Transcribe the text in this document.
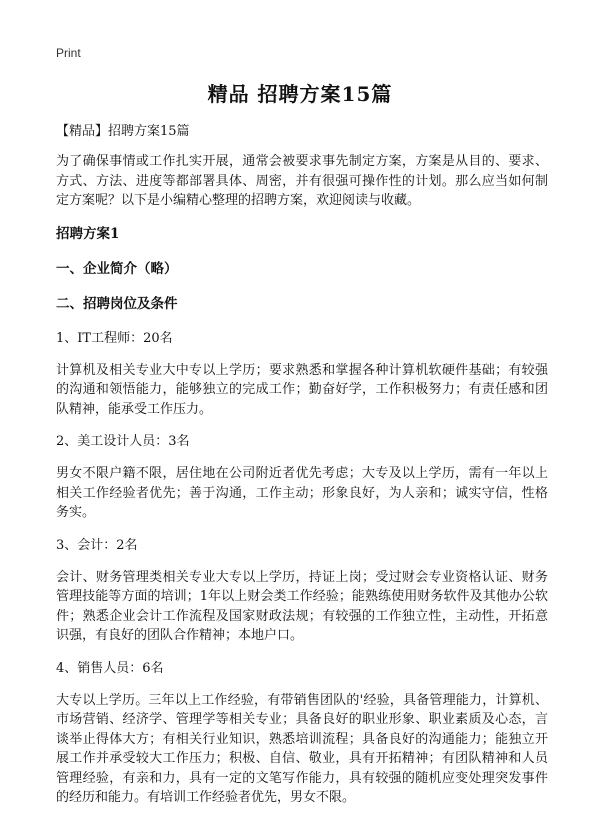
Print
精品 招聘方案15篇

【精品】招聘方案15篇

为了确保事情或工作扎实开展，通常会被要求事先制定方案，方案是从目的、要求、方式、方法、进度等都部署具体、周密，并有很强可操作性的计划。那么应当如何制定方案呢？以下是小编精心整理的招聘方案，欢迎阅读与收藏。

招聘方案1

一、企业简介（略）

二、招聘岗位及条件

1、IT工程师：20名

计算机及相关专业大中专以上学历；要求熟悉和掌握各种计算机软硬件基础；有较强的沟通和领悟能力，能够独立的完成工作；勤奋好学，工作积极努力；有责任感和团队精神，能承受工作压力。

2、美工设计人员：3名

男女不限户籍不限，居住地在公司附近者优先考虑；大专及以上学历，需有一年以上相关工作经验者优先；善于沟通，工作主动；形象良好，为人亲和；诚实守信，性格务实。

3、会计：2名

会计、财务管理类相关专业大专以上学历，持证上岗；受过财会专业资格认证、财务管理技能等方面的培训；1年以上财会类工作经验；能熟练使用财务软件及其他办公软件；熟悉企业会计工作流程及国家财政法规；有较强的工作独立性，主动性，开拓意识强，有良好的团队合作精神；本地户口。

4、销售人员：6名

大专以上学历。三年以上工作经验，有带销售团队的'经验，具备管理能力，计算机、市场营销、经济学、管理学等相关专业；具备良好的职业形象、职业素质及心态，言谈举止得体大方；有相关行业知识，熟悉培训流程；具备良好的沟通能力；能独立开展工作并承受较大工作压力；积极、自信、敬业，具有开拓精神；有团队精神和人员管理经验，有亲和力，具有一定的文笔写作能力，具有较强的随机应变处理突发事件的经历和能力。有培训工作经验者优先，男女不限。
